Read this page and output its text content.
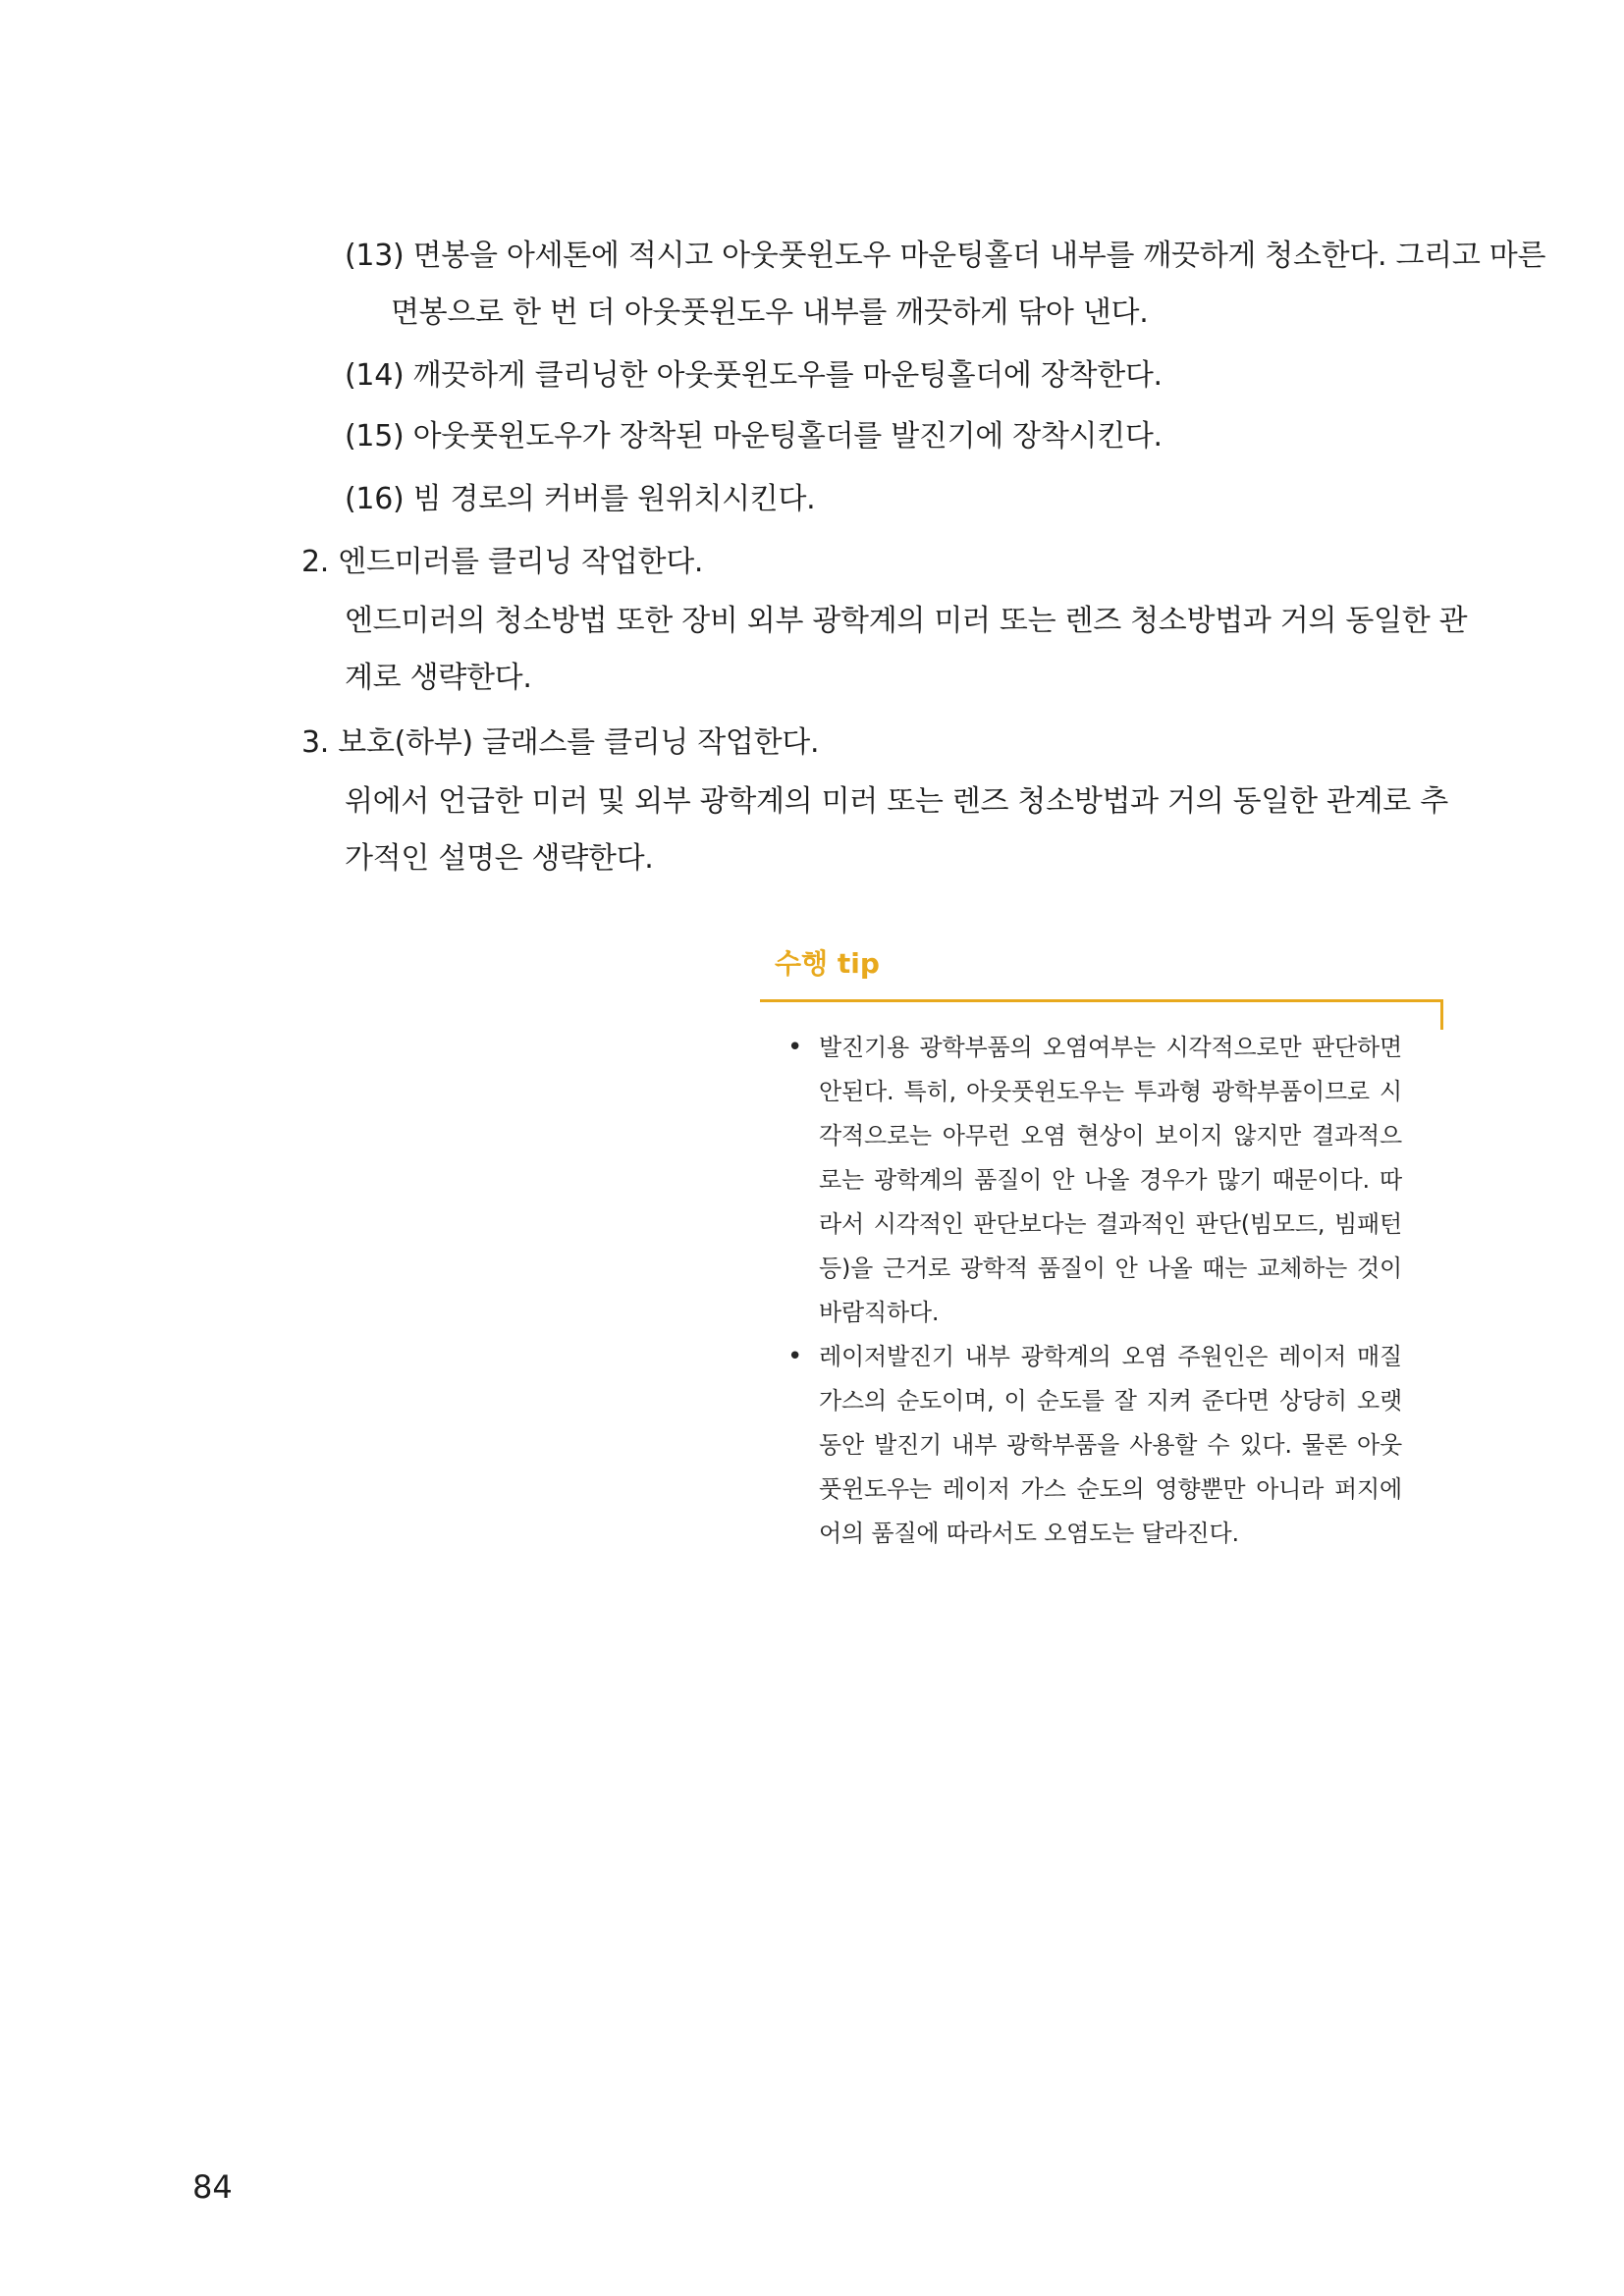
(13) 면봉을 아세톤에 적시고 아웃풋윈도우 마운팅홀더 내부를 깨끗하게 청소한다. 그리고 마른
면봉으로 한 번 더 아웃풋윈도우 내부를 깨끗하게 닦아 낸다.
(14) 깨끗하게 클리닝한 아웃풋윈도우를 마운팅홀더에 장착한다.
(15) 아웃풋윈도우가 장착된 마운팅홀더를 발진기에 장착시킨다.
(16) 빔 경로의 커버를 원위치시킨다.
2. 엔드미러를 클리닝 작업한다.
엔드미러의 청소방법 또한 장비 외부 광학계의 미러 또는 렌즈 청소방법과 거의 동일한 관
계로 생략한다.
3. 보호(하부) 글래스를 클리닝 작업한다.
위에서 언급한 미러 및 외부 광학계의 미러 또는 렌즈 청소방법과 거의 동일한 관계로 추
가적인 설명은 생략한다.
수행 tip
• 발진기용 광학부품의 오염여부는 시각적으로만 판단하면
안된다. 특히, 아웃풋윈도우는 투과형 광학부품이므로 시
각적으로는 아무런 오염 현상이 보이지 않지만 결과적으
로는 광학계의 품질이 안 나올 경우가 많기 때문이다. 따
라서 시각적인 판단보다는 결과적인 판단(빔모드, 빔패턴
등)을 근거로 광학적 품질이 안 나올 때는 교체하는 것이
바람직하다.
• 레이저발진기 내부 광학계의 오염 주원인은 레이저 매질
가스의 순도이며, 이 순도를 잘 지켜 준다면 상당히 오랫
동안 발진기 내부 광학부품을 사용할 수 있다. 물론 아웃
풋윈도우는 레이저 가스 순도의 영향뿐만 아니라 퍼지에
어의 품질에 따라서도 오염도는 달라진다.
84
